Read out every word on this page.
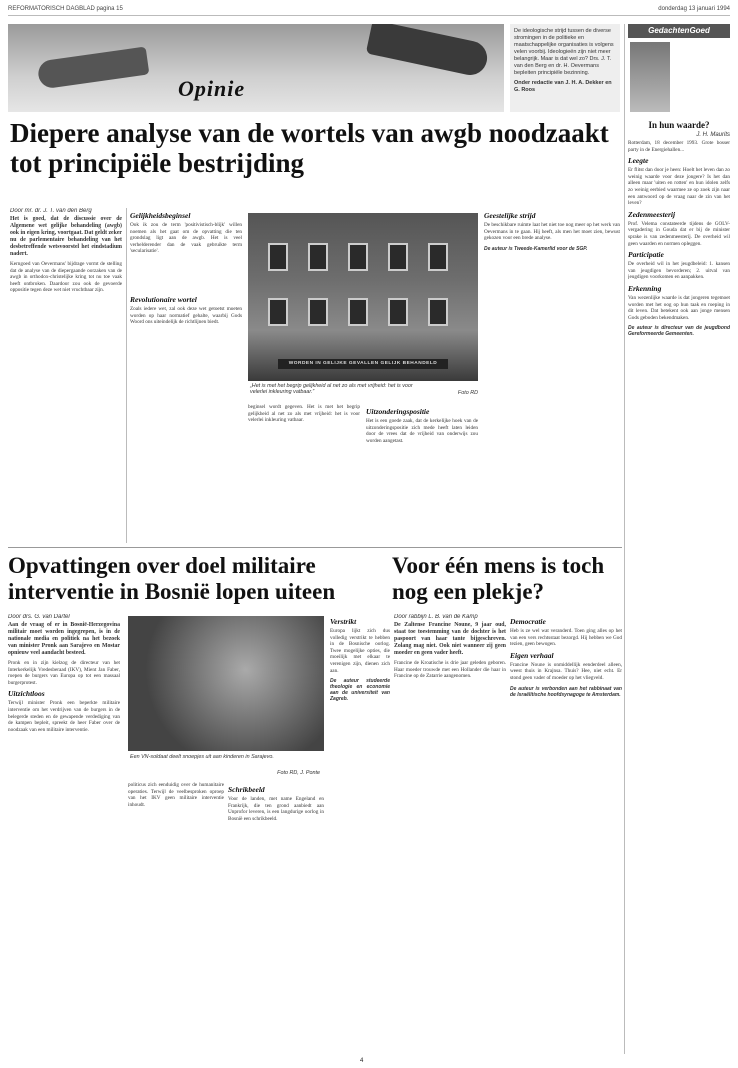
REFORMATORISCH DAGBLAD pagina 15	donderdag 13 januari 1994
Opinie
De ideologische strijd tussen de diverse stromingen in de politieke en maatschappelijke organisaties is volgens velen voorbij. Ideologieën zijn niet meer belangrijk. Maar is dat wel zo? Drs. J. T. van den Berg en dr. H. Oevermans bepleiten principiële bezinning.
Onder redactie van J. H. A. Dekker en G. Roos
GedachtenGoed
Diepere analyse van de wortels van awgb noodzaakt tot principiële bestrijding
Door mr. dr. J. T. van den Berg

Het is goed, dat de discussie over de Algemene wet gelijke behandeling (awgb) ook in eigen kring, voortgaat. Dat geldt zeker nu de parlementaire behandeling van het desbetreffende wetsvoorstel het eindstadium nadert.

Kerngoed van Oevermans' bijdrage vormt de stelling dat de analyse van de diepergaande oorzaken van de awgb in orthodox-christelijke kring tot nu toe vaak heeft ontbroken. Daardoor zou ook de gevoerde oppositie tegen deze wet niet vruchtbaar zijn.

Gelijkheidsbeginsel

Ook ik zou de term 'positivistisch-blijk' willen noemen als het gaat om de opvatting die ten grondslag ligt aan de awgb. Het is veel verhelderender dan de vaak gebruikte term 'secularisatie'.

Revolutionaire wortel

Zoals iedere wet, zal ook deze wet getoetst moeten worden op haar normatief gehalte, waarbij Gods Woord ons uiteindelijk de richtlijnen biedt.

WORDEN IN GELIJKE GEVALLEN GELIJK BEHANDELD
„Het is met het begrip gelijkheid al net zo als met vrijheid: het is voor velerlei inkleuring vatbaar.”	Foto RD

beginsel wordt gegeven. Het is met het begrip gelijkheid al net zo als met vrijheid: het is voor velerlei inkleuring vatbaar.

Uitzonderingspositie

Het is een goede zaak, dat de kerkelijke hoek van de uitzonderingspositie zich mede heeft laten leiden door de vrees dat de vrijheid van onderwijs zou worden aangetast.

Geestelijke strijd

De beschikbare ruimte laat het niet toe nog meer op het werk van Oevermans in te gaan. Hij heeft, als men het moet zien, bewust gekozen voor een brede analyse.

De auteur is Tweede-Kamerlid voor de SGP.

Opvattingen over doel militaire interventie in Bosnië lopen uiteen
Door drs. G. van Dartel

Aan de vraag of er in Bosnië-Herzegovina militair moet worden ingegrepen, is in de nationale media en politiek na het bezoek van minister Pronk aan Sarajevo en Mostar opnieuw veel aandacht besteed.

Pronk en in zijn kielzog de directeur van het Interkerkelijk Vredesberaad (IKV), Mient Jan Faber, roepen de burgers van Europa op tot een massaal burgerprotest.

Uitzichtloos

Terwijl minister Pronk een beperkte militaire interventie om het verdrijven van de burgers in de belegerde steden en de gewapende verdediging van de kampen bepleit, spreekt de heer Faber over de noodzaak van een militaire interventie.

Een VN-soldaat deelt snoepjes uit aan kinderen in Sarajevo.
Foto RD, J. Ponte

politicus zich eenduidig over de humanitaire operaties. Terwijl de veelbesproken oproep van het IKV geen militaire interventie inhoudt.

Schrikbeeld

Voor de landen, met name Engeland en Frankrijk, die ten grond aanbiedt aan Unprofor leveren, is een langdurige oorlog in Bosnië een schrikbeeld.

Verstrikt

Europa lijkt zich dus volledig verstrikt te hebben in de Bosnische oorlog. Twee mogelijke opties, die moeilijk met elkaar te verenigen zijn, dienen zich aan.

De auteur studeerde theologie en economie aan de universiteit van Zagreb.

Voor één mens is toch nog een plekje?
Door rabbijn L. B. van de Kamp

De Zaltense Francine Noune, 9 jaar oud, staat toe toestemming van de dochter is het paspoort van haar tante bijgeschreven. Zolang mag niet. Ook niet wanneer zij geen moeder en geen vader heeft.

Francine de Kroatische is drie jaar geleden geboren. Haar moeder trouwde met een Hollander die haar in Francine op de Zatarrie aangenomen.

Democratie

Heb is ze wel wat veranderd. Toen ging alles op het van een vers rechtsstaat bezorgd. Hij hebben we God tezien, geen bewogen.

Eigen verhaal

Francine Noune is onmiddellijk eenderdeel alleen, weest thuis in Krajnsa. Thuis? Hee, niet echt. Er stond geen vader of moeder op het vliegveld.

De auteur is verbonden aan het rabbinaat van de Israëlitische hoofdsynagoge te Amsterdam.

In hun waarde?
J. H. Maurits

Rotterdam, 18 december 1993. Grote bosser party in de Energiehallen...

Leegte

Er flitst dan door je heen: Hoelt het leven dan zo weinig waarde voor deze jongere? Is het dan alleen maar 'uiten en rotten' en hun idolen zelfs zo weinig eerbied waarmee ze op zoek zijn naar een antwoord op de vraag naar de zin van het leven?

Zedenmeesterij

Prof. Velema constateerde tijdens de GOLV-vergadering in Gouda dat er bij de minister sprake is van zedenmeesterij. De overheid wil geen waarden en normen opleggen.

Participatie

De overheid wil in het jeugdbeleid: 1. kansen van jeugdigen bevorderen; 2. uitval van jeugdigen voorkomen en aanpakken.

Erkenning

Van wezenlijke waarde is dat jongeren tegemoet worden met het oog op hun taak en roeping in dit leven. Dat betekent ook aan jonge mensen Gods geboden bekendmaken.

De auteur is directeur van de jeugdbond Gereformeerde Gemeenten.

4
